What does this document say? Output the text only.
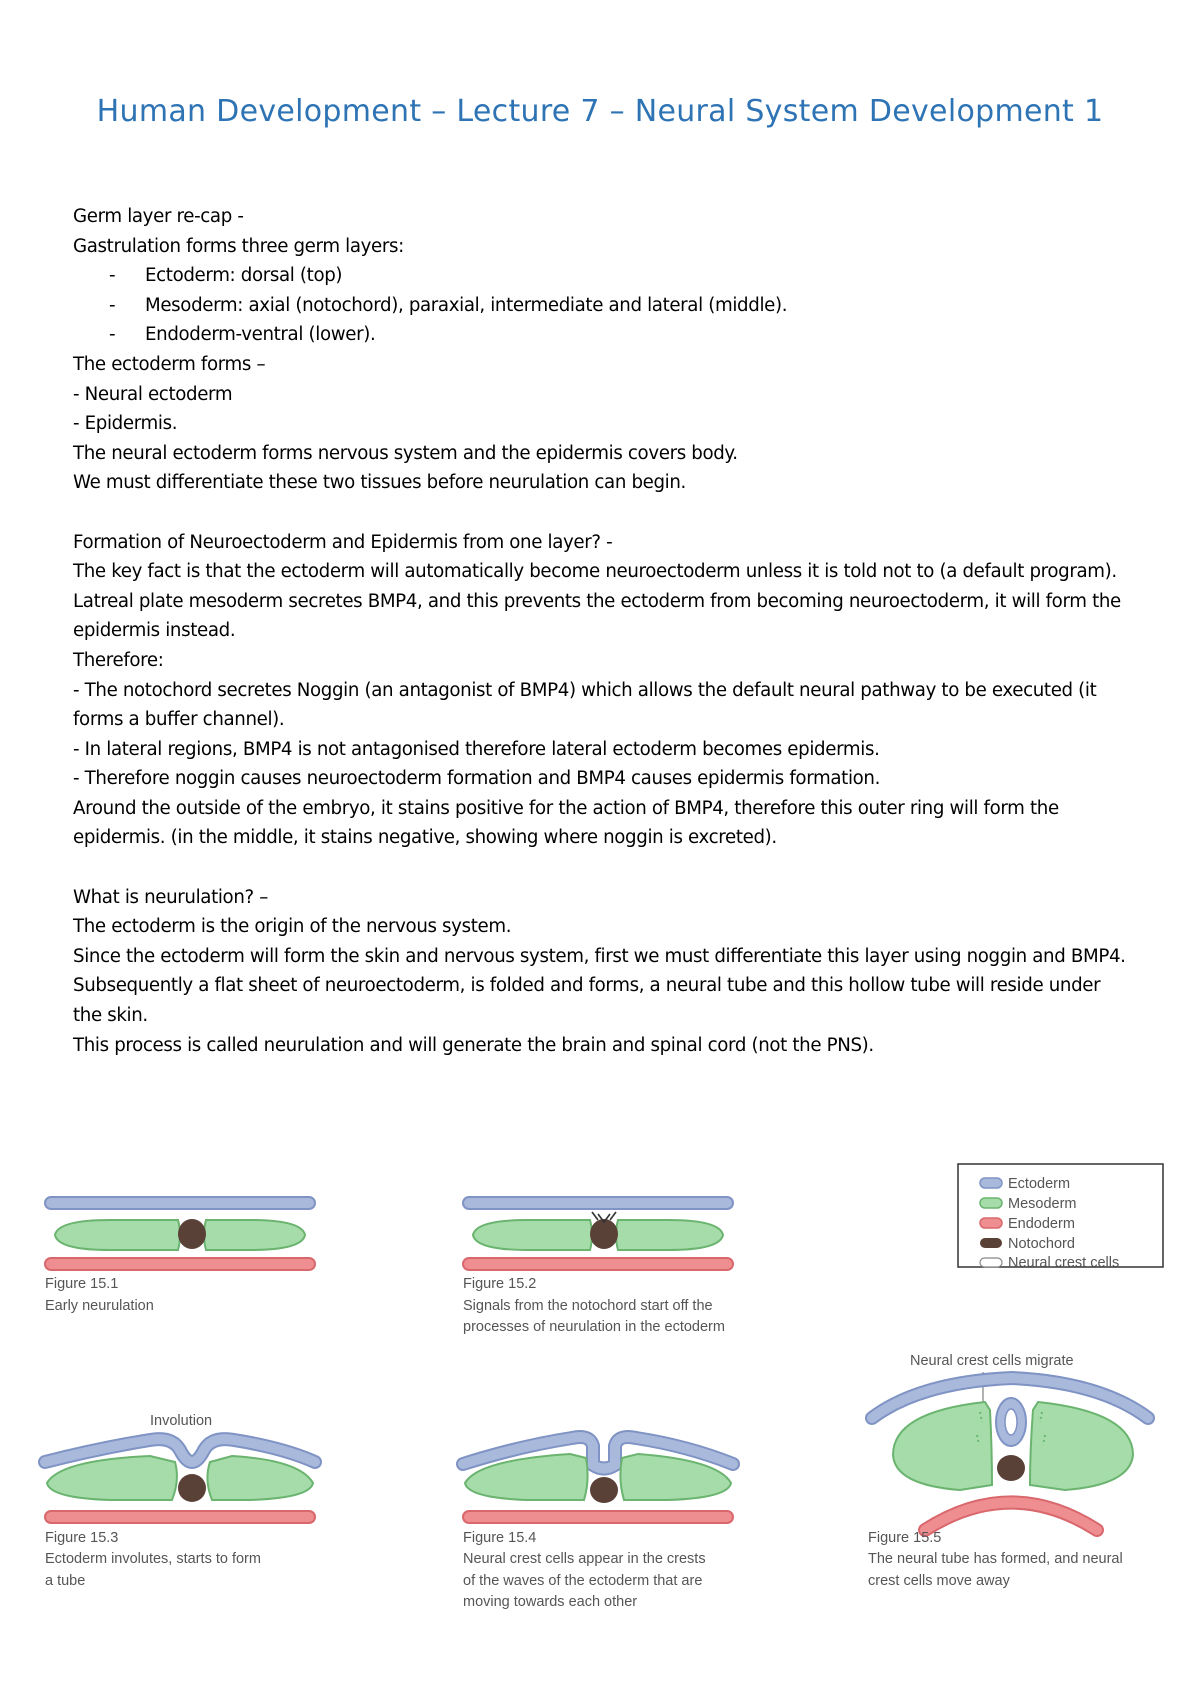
Human Development – Lecture 7 – Neural System Development 1

Germ layer re-cap -

Gastrulation forms three germ layers:

- Ectoderm: dorsal (top)

- Mesoderm: axial (notochord), paraxial, intermediate and lateral (middle).

- Endoderm-ventral (lower).

The ectoderm forms –

- Neural ectoderm

- Epidermis.

The neural ectoderm forms nervous system and the epidermis covers body.

We must differentiate these two tissues before neurulation can begin.

Formation of Neuroectoderm and Epidermis from one layer? -

The key fact is that the ectoderm will automatically become neuroectoderm unless it is told not to (a default program).

Latreal plate mesoderm secretes BMP4, and this prevents the ectoderm from becoming neuroectoderm, it will form the epidermis instead.

Therefore:

- The notochord secretes Noggin (an antagonist of BMP4) which allows the default neural pathway to be executed (it forms a buffer channel).

- In lateral regions, BMP4 is not antagonised therefore lateral ectoderm becomes epidermis.

- Therefore noggin causes neuroectoderm formation and BMP4 causes epidermis formation.

Around the outside of the embryo, it stains positive for the action of BMP4, therefore this outer ring will form the epidermis. (in the middle, it stains negative, showing where noggin is excreted).

What is neurulation? –

The ectoderm is the origin of the nervous system.

Since the ectoderm will form the skin and nervous system, first we must differentiate this layer using noggin and BMP4.

Subsequently a flat sheet of neuroectoderm, is folded and forms, a neural tube and this hollow tube will reside under the skin.

This process is called neurulation and will generate the brain and spinal cord (not the PNS).

Figure 15.1
Early neurulation
Figure 15.2
Signals from the notochord start off the
processes of neurulation in the ectoderm
Ectoderm
Mesoderm
Endoderm
Notochord
Neural crest cells
Involution
Figure 15.3
Ectoderm involutes, starts to form
a tube
Figure 15.4
Neural crest cells appear in the crests
of the waves of the ectoderm that are
moving towards each other
Neural crest cells migrate
Figure 15.5
The neural tube has formed, and neural
crest cells move away
